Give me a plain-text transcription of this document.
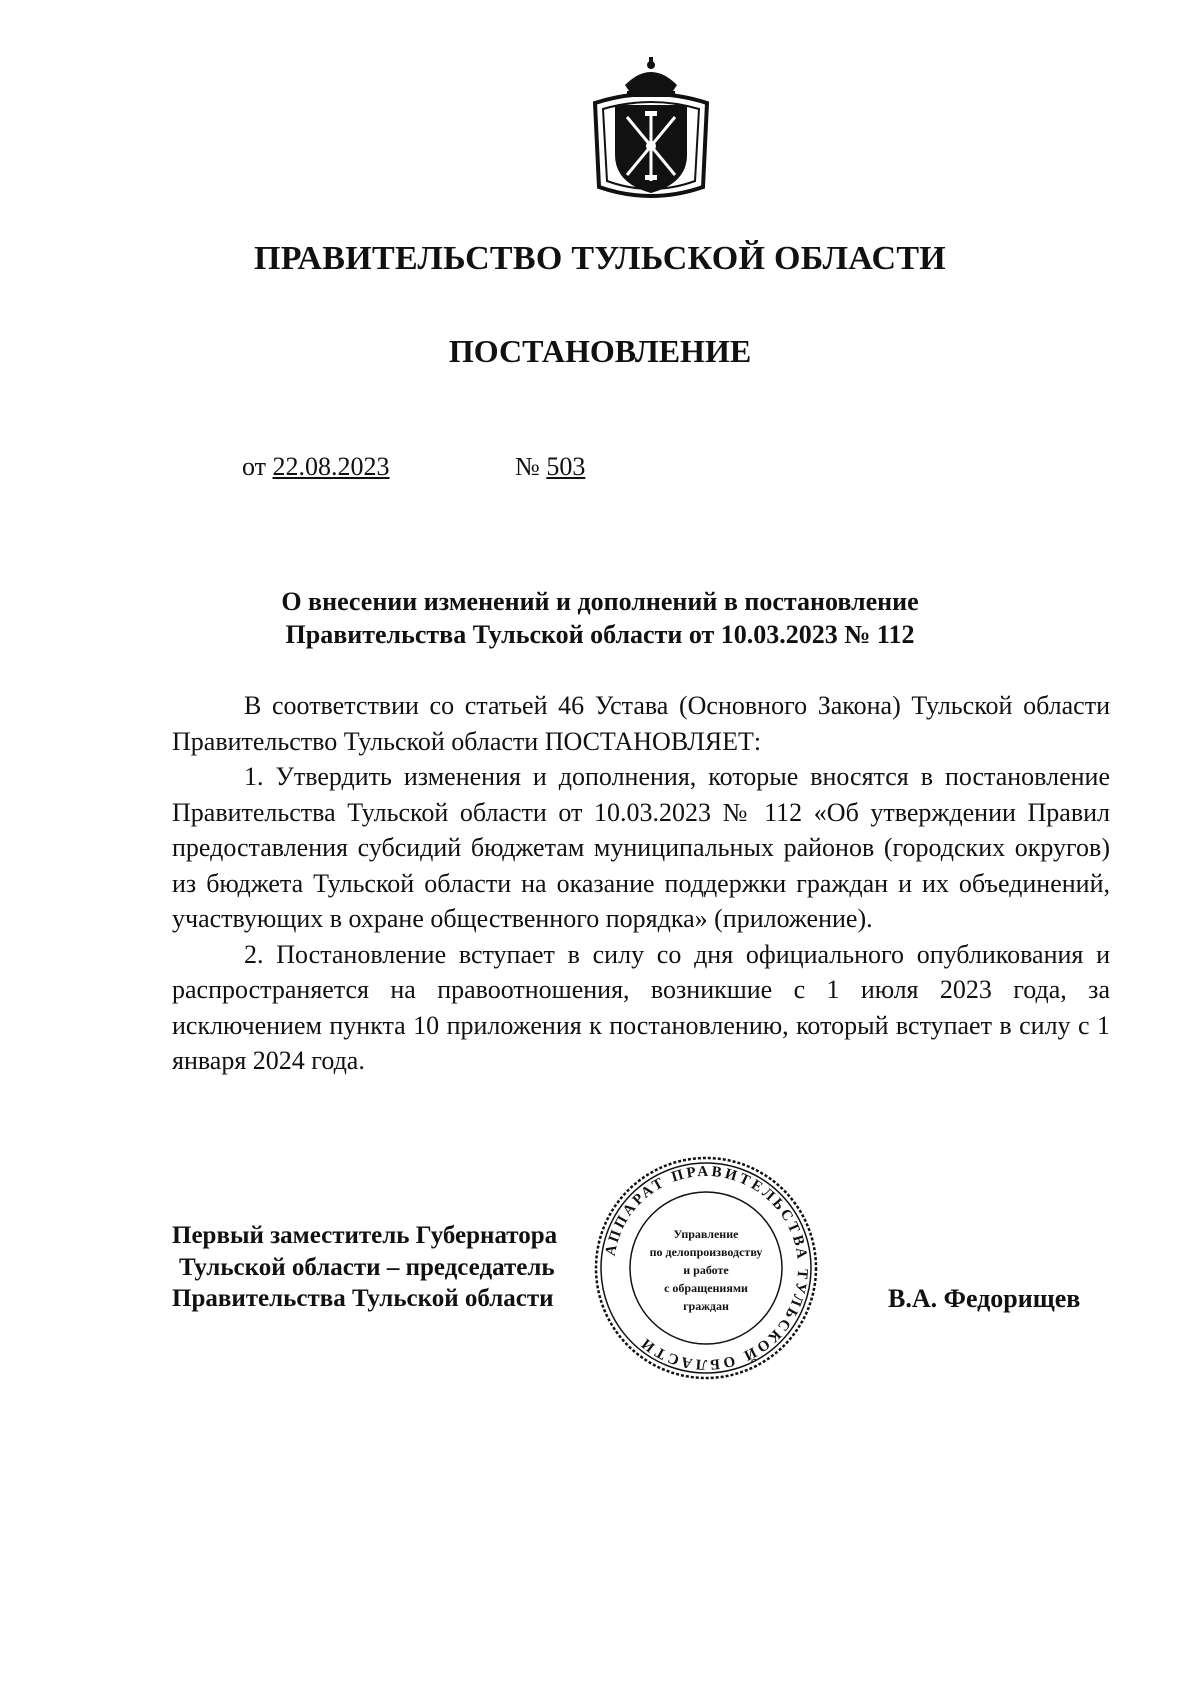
ПРАВИТЕЛЬСТВО ТУЛЬСКОЙ ОБЛАСТИ
ПОСТАНОВЛЕНИЕ
от 22.08.2023	№ 503
О внесении изменений и дополнений в постановление
Правительства Тульской области от 10.03.2023 № 112

В соответствии со статьей 46 Устава (Основного Закона) Тульской области Правительство Тульской области ПОСТАНОВЛЯЕТ:

1. Утвердить изменения и дополнения, которые вносятся в постановление Правительства Тульской области от 10.03.2023 № 112 «Об утверждении Правил предоставления субсидий бюджетам муниципальных районов (городских округов) из бюджета Тульской области на оказание поддержки граждан и их объединений, участвующих в охране общественного порядка» (приложение).

2. Постановление вступает в силу со дня официального опубликования и распространяется на правоотношения, возникшие с 1 июля 2023 года, за исключением пункта 10 приложения к постановлению, который вступает в силу с 1 января 2024 года.

Первый заместитель Губернатора
Тульской области – председатель
Правительства Тульской области	В.А. Федорищев
АППАРАТ ПРАВИТЕЛЬСТВА ТУЛЬСКОЙ ОБЛАСТИ
Управление
по делопроизводству
и работе
с обращениями
граждан
